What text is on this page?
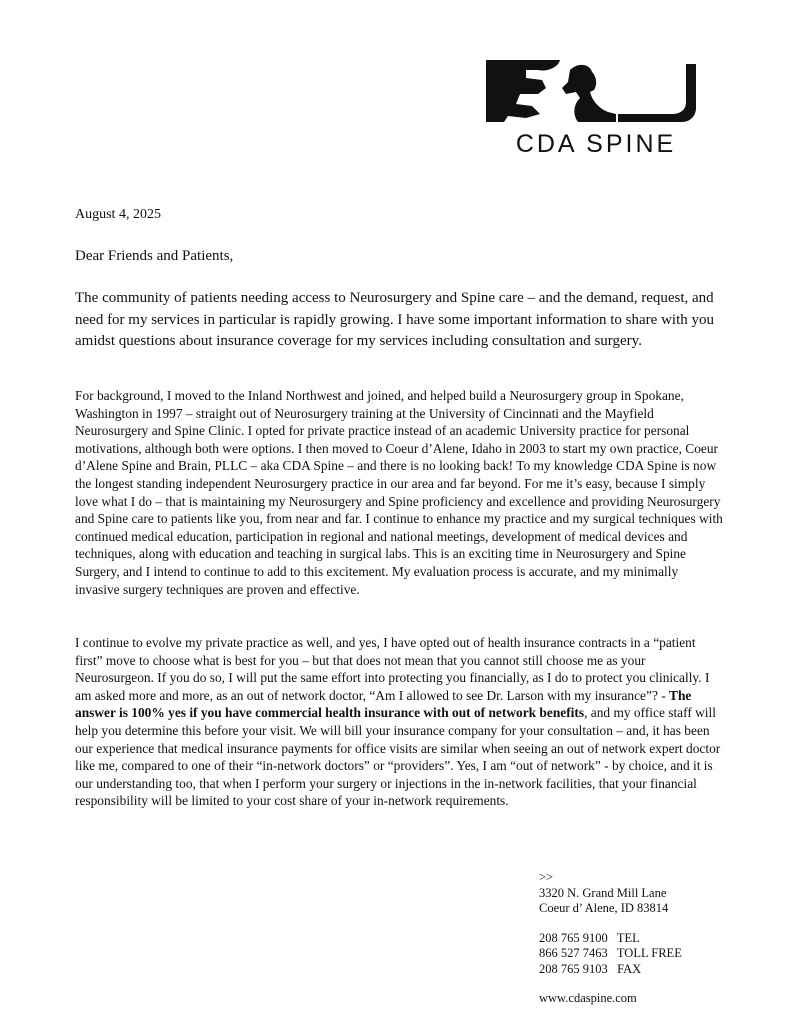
CDA SPINE
August 4, 2025
Dear Friends and Patients,

The community of patients needing access to Neurosurgery and Spine care – and the demand, request, and need for my services in particular is rapidly growing. I have some important information to share with you amidst questions about insurance coverage for my services including consultation and surgery.

For background, I moved to the Inland Northwest and joined, and helped build a Neurosurgery group in Spokane, Washington in 1997 – straight out of Neurosurgery training at the University of Cincinnati and the Mayfield Neurosurgery and Spine Clinic. I opted for private practice instead of an academic University practice for personal motivations, although both were options. I then moved to Coeur d’Alene, Idaho in 2003 to start my own practice, Coeur d’Alene Spine and Brain, PLLC – aka CDA Spine – and there is no looking back! To my knowledge CDA Spine is now the longest standing independent Neurosurgery practice in our area and far beyond. For me it’s easy, because I simply love what I do – that is maintaining my Neurosurgery and Spine proficiency and excellence and providing Neurosurgery and Spine care to patients like you, from near and far. I continue to enhance my practice and my surgical techniques with continued medical education, participation in regional and national meetings, development of medical devices and techniques, along with education and teaching in surgical labs. This is an exciting time in Neurosurgery and Spine Surgery, and I intend to continue to add to this excitement. My evaluation process is accurate, and my minimally invasive surgery techniques are proven and effective.

I continue to evolve my private practice as well, and yes, I have opted out of health insurance contracts in a “patient first” move to choose what is best for you – but that does not mean that you cannot still choose me as your Neurosurgeon. If you do so, I will put the same effort into protecting you financially, as I do to protect you clinically. I am asked more and more, as an out of network doctor, “Am I allowed to see Dr. Larson with my insurance”? - The answer is 100% yes if you have commercial health insurance with out of network benefits, and my office staff will help you determine this before your visit. We will bill your insurance company for your consultation – and, it has been our experience that medical insurance payments for office visits are similar when seeing an out of network expert doctor like me, compared to one of their “in-network doctors” or “providers”. Yes, I am “out of network” - by choice, and it is our understanding too, that when I perform your surgery or injections in the in-network facilities, that your financial responsibility will be limited to your cost share of your in-network requirements.

>>
3320 N. Grand Mill Lane
Coeur d’ Alene, ID 83814
208 765 9100   TEL
866 527 7463   TOLL FREE
208 765 9103   FAX
www.cdaspine.com
